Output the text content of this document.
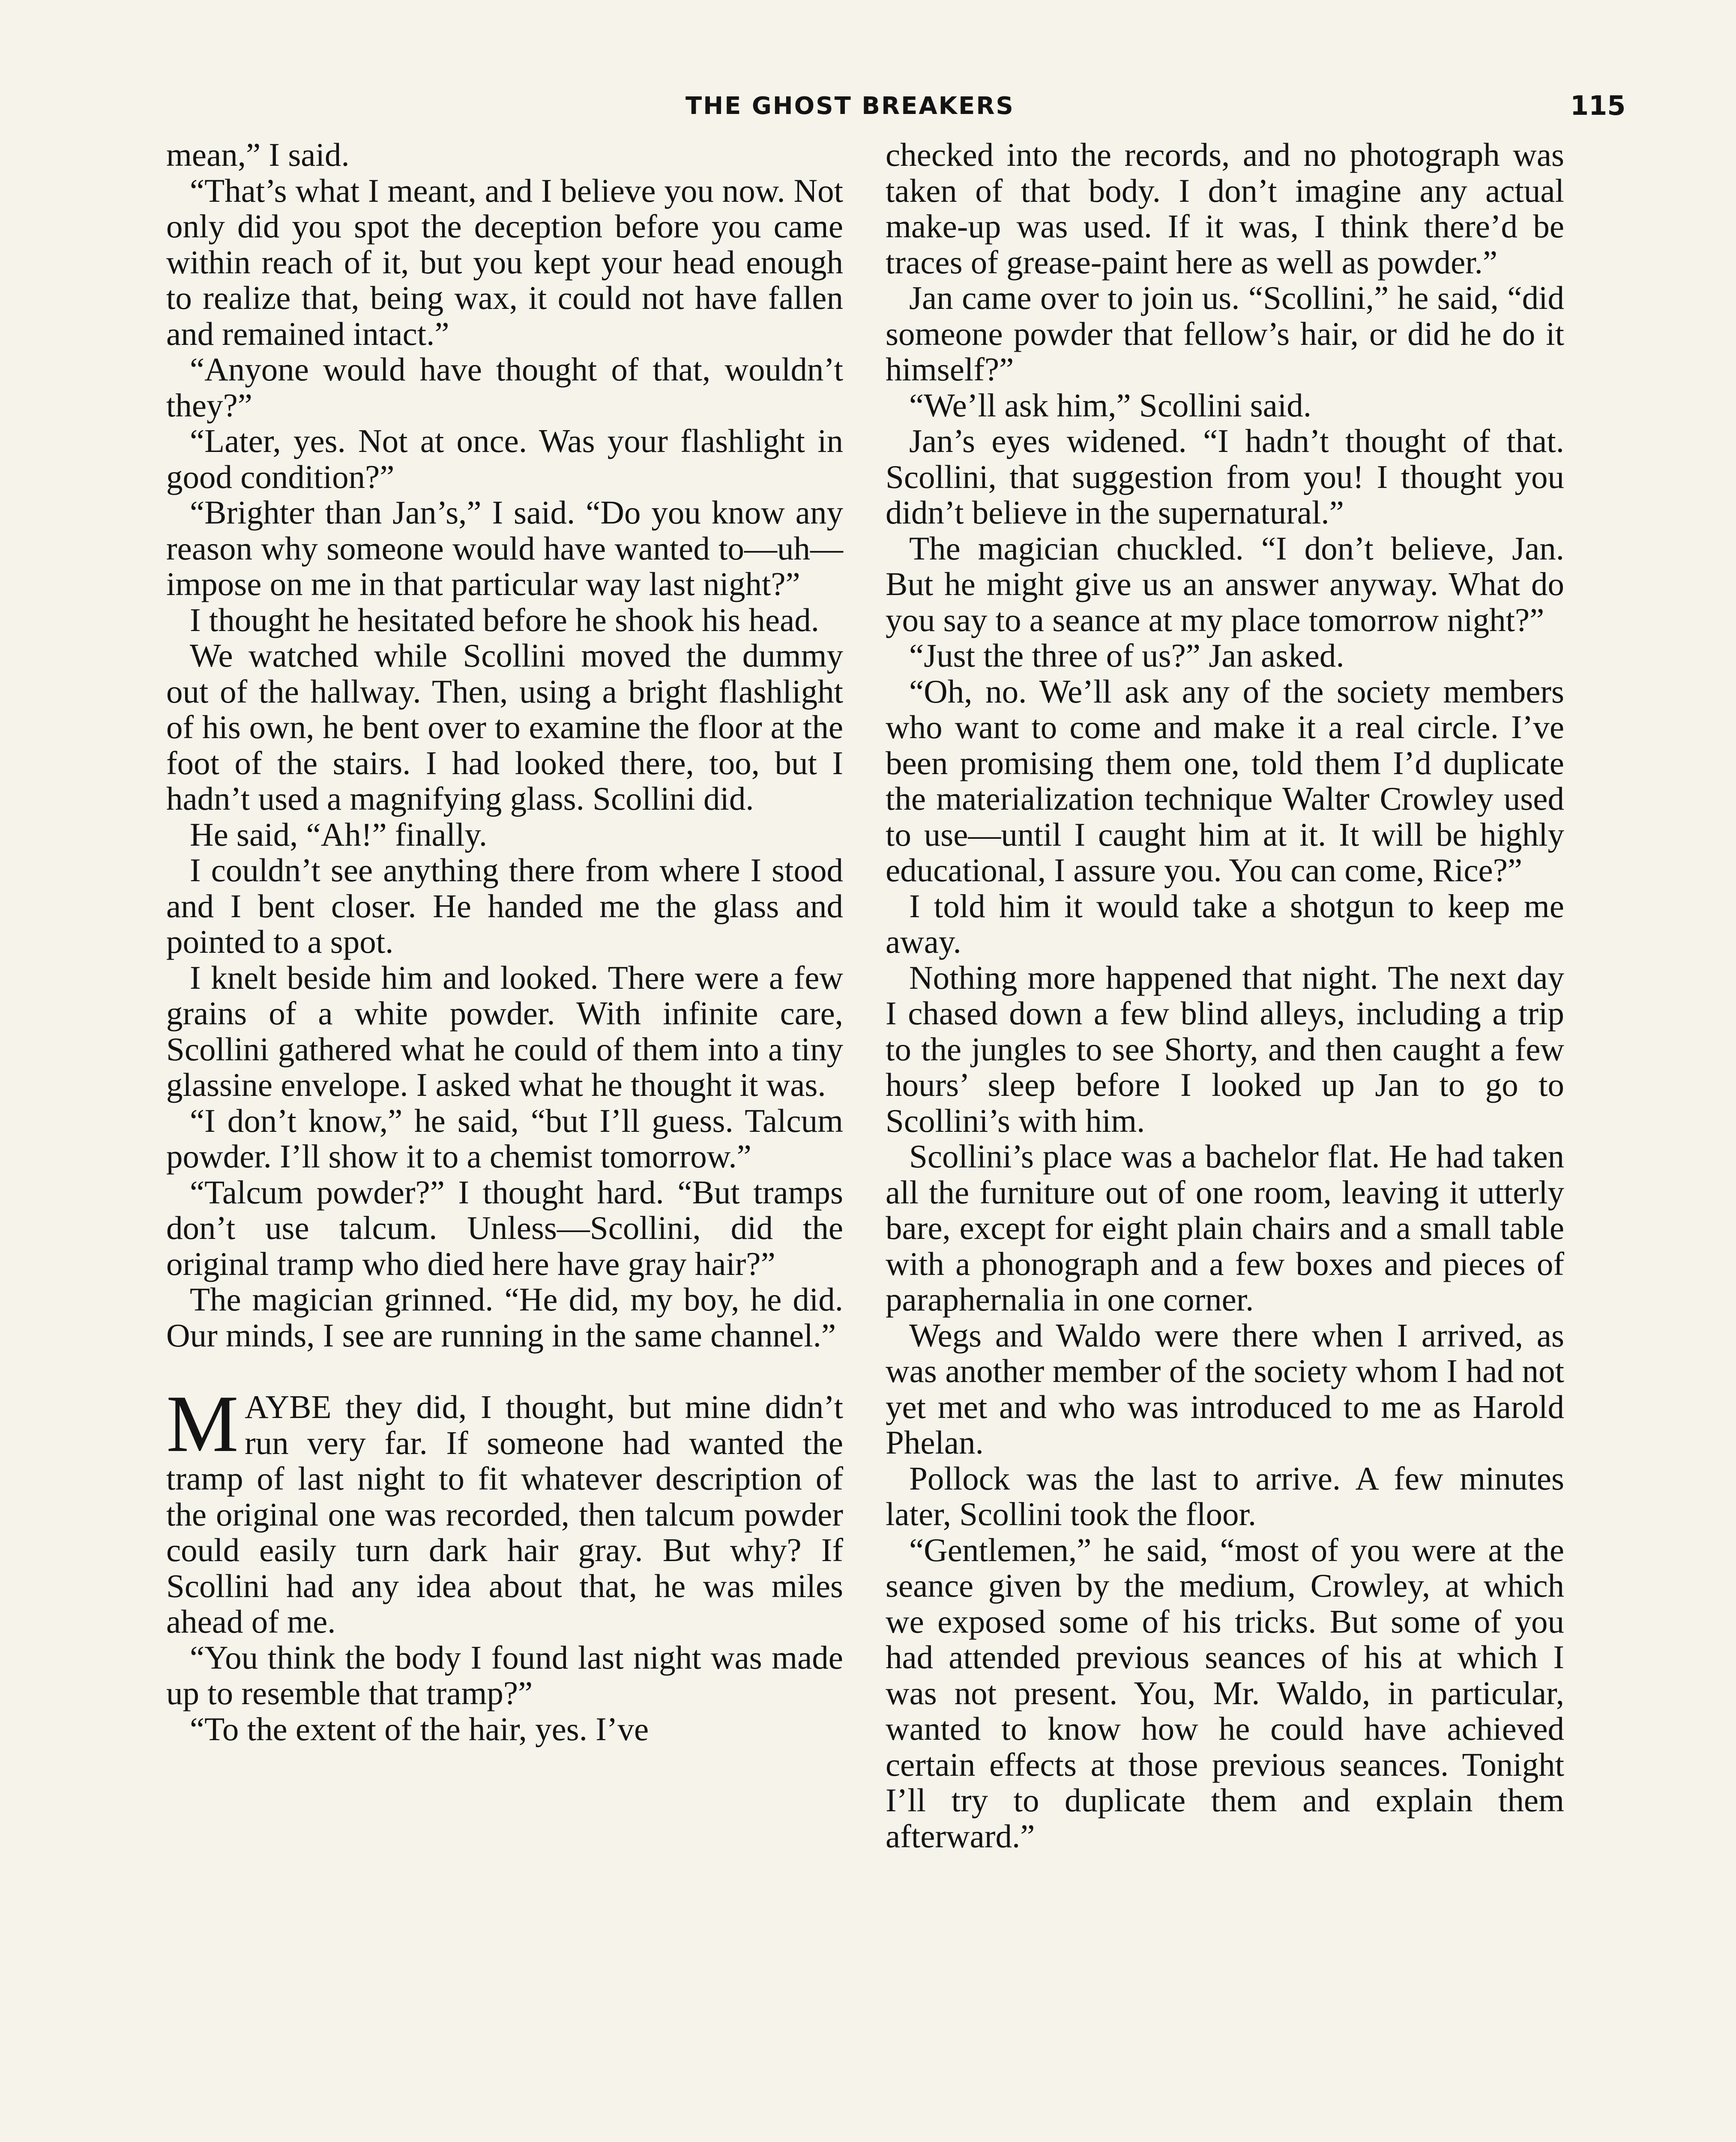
THE GHOST BREAKERS	115

mean,” I said.

“That’s what I meant, and I believe you now. Not only did you spot the deception before you came within reach of it, but you kept your head enough to realize that, being wax, it could not have fallen and remained intact.”

“Anyone would have thought of that, wouldn’t they?”

“Later, yes. Not at once. Was your flashlight in good condition?”

“Brighter than Jan’s,” I said. “Do you know any reason why someone would have wanted to—uh—impose on me in that particular way last night?”

I thought he hesitated before he shook his head.

We watched while Scollini moved the dummy out of the hallway. Then, using a bright flashlight of his own, he bent over to examine the floor at the foot of the stairs. I had looked there, too, but I hadn’t used a magnifying glass. Scollini did.

He said, “Ah!” finally.

I couldn’t see anything there from where I stood and I bent closer. He handed me the glass and pointed to a spot.

I knelt beside him and looked. There were a few grains of a white powder. With infinite care, Scollini gathered what he could of them into a tiny glassine envelope. I asked what he thought it was.

“I don’t know,” he said, “but I’ll guess. Talcum powder. I’ll show it to a chemist tomorrow.”

“Talcum powder?” I thought hard. “But tramps don’t use talcum. Unless—Scollini, did the original tramp who died here have gray hair?”

The magician grinned. “He did, my boy, he did. Our minds, I see are running in the same channel.”

MAYBE they did, I thought, but mine didn’t run very far. If someone had wanted the tramp of last night to fit whatever description of the original one was recorded, then talcum powder could easily turn dark hair gray. But why? If Scollini had any idea about that, he was miles ahead of me.

“You think the body I found last night was made up to resemble that tramp?”

“To the extent of the hair, yes. I’ve

checked into the records, and no photograph was taken of that body. I don’t imagine any actual make-up was used. If it was, I think there’d be traces of grease-paint here as well as powder.”

Jan came over to join us. “Scollini,” he said, “did someone powder that fellow’s hair, or did he do it himself?”

“We’ll ask him,” Scollini said.

Jan’s eyes widened. “I hadn’t thought of that. Scollini, that suggestion from you! I thought you didn’t believe in the supernatural.”

The magician chuckled. “I don’t believe, Jan. But he might give us an answer anyway. What do you say to a seance at my place tomorrow night?”

“Just the three of us?” Jan asked.

“Oh, no. We’ll ask any of the society members who want to come and make it a real circle. I’ve been promising them one, told them I’d duplicate the materialization technique Walter Crowley used to use—until I caught him at it. It will be highly educational, I assure you. You can come, Rice?”

I told him it would take a shotgun to keep me away.

Nothing more happened that night. The next day I chased down a few blind alleys, including a trip to the jungles to see Shorty, and then caught a few hours’ sleep before I looked up Jan to go to Scollini’s with him.

Scollini’s place was a bachelor flat. He had taken all the furniture out of one room, leaving it utterly bare, except for eight plain chairs and a small table with a phonograph and a few boxes and pieces of paraphernalia in one corner.

Wegs and Waldo were there when I arrived, as was another member of the society whom I had not yet met and who was introduced to me as Harold Phelan.

Pollock was the last to arrive. A few minutes later, Scollini took the floor.

“Gentlemen,” he said, “most of you were at the seance given by the medium, Crowley, at which we exposed some of his tricks. But some of you had attended previous seances of his at which I was not present. You, Mr. Waldo, in particular, wanted to know how he could have achieved certain effects at those previous seances. Tonight I’ll try to duplicate them and explain them afterward.”
